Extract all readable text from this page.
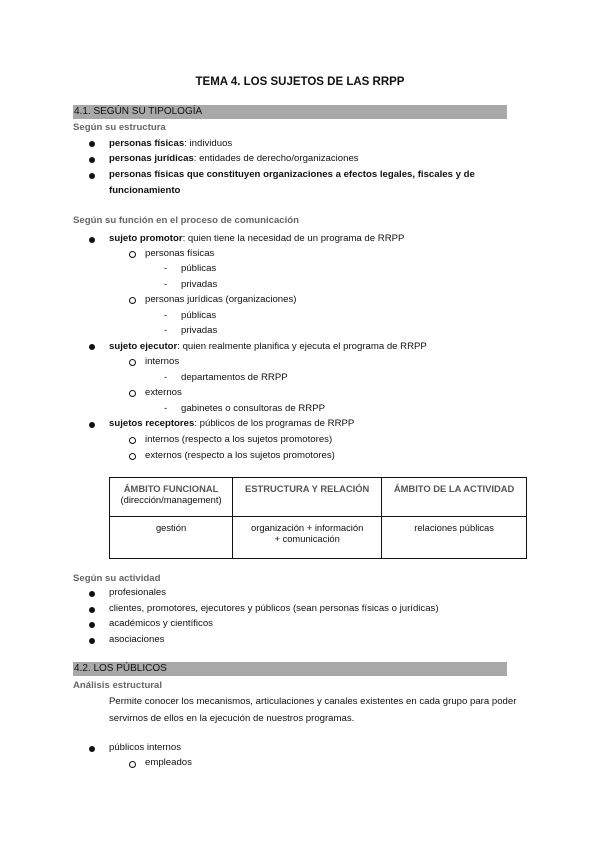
TEMA 4. LOS SUJETOS DE LAS RRPP
4.1. SEGÚN SU TIPOLOGÍA
Según su estructura
personas físicas: individuos
personas jurídicas: entidades de derecho/organizaciones
personas físicas que constituyen organizaciones a efectos legales, fiscales y de
funcionamiento
Según su función en el proceso de comunicación
sujeto promotor: quien tiene la necesidad de un programa de RRPP
personas físicas
- públicas
- privadas
personas jurídicas (organizaciones)
- públicas
- privadas
sujeto ejecutor: quien realmente planifica y ejecuta el programa de RRPP
internos
- departamentos de RRPP
externos
- gabinetes o consultoras de RRPP
sujetos receptores: públicos de los programas de RRPP
internos (respecto a los sujetos promotores)
externos (respecto a los sujetos promotores)
ÁMBITO FUNCIONAL
(dirección/management)	ESTRUCTURA Y RELACIÓN	ÁMBITO DE LA ACTIVIDAD
gestión	organización + información
+ comunicación	relaciones públicas
Según su actividad
profesionales
clientes, promotores, ejecutores y públicos (sean personas físicas o jurídicas)
académicos y científicos
asociaciones
4.2. LOS PÚBLICOS
Análisis estructural
Permite conocer los mecanismos, articulaciones y canales existentes en cada grupo para poder servirnos de ellos en la ejecución de nuestros programas.
públicos internos
empleados
